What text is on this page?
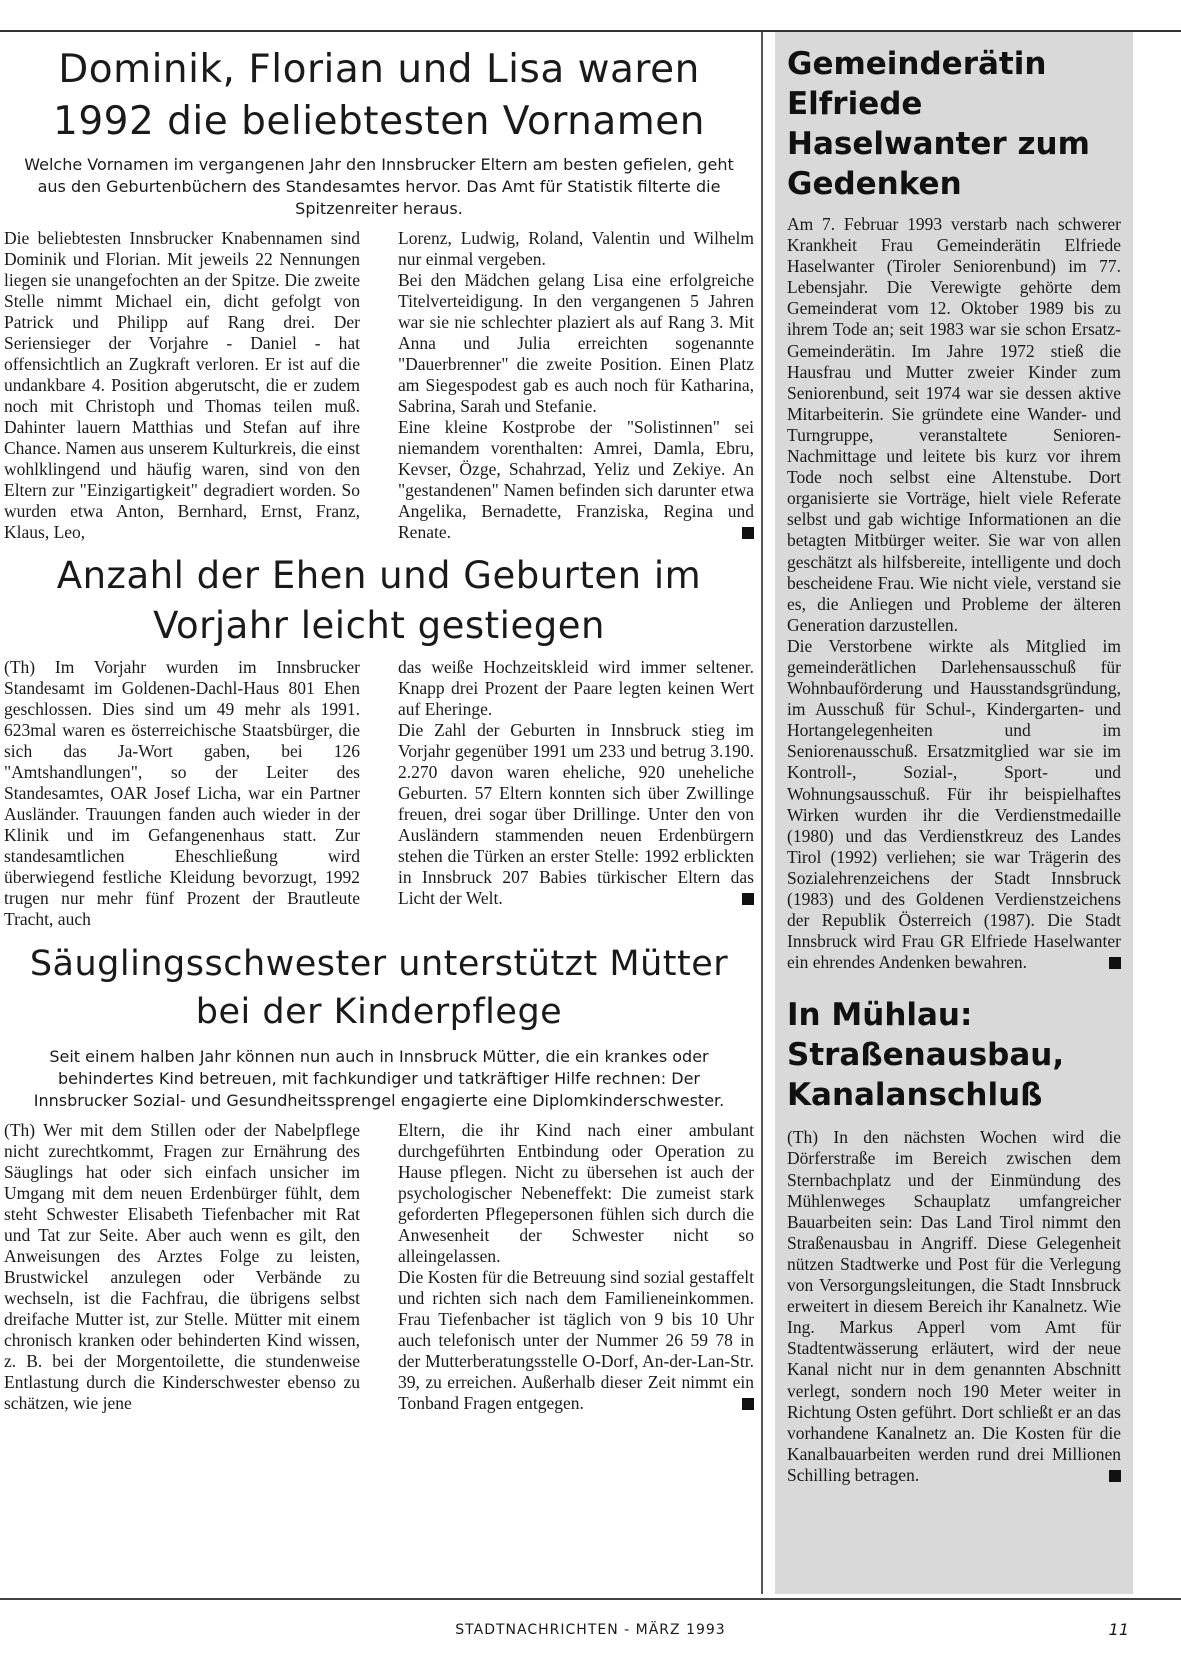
Dominik, Florian und Lisa waren 1992 die beliebtesten Vornamen

Welche Vornamen im vergangenen Jahr den Innsbrucker Eltern am besten gefielen, geht aus den Geburtenbüchern des Standesamtes hervor. Das Amt für Statistik filterte die Spitzenreiter heraus.

Die beliebtesten Innsbrucker Knabennamen sind Dominik und Florian. Mit jeweils 22 Nennungen liegen sie unangefochten an der Spitze. Die zweite Stelle nimmt Michael ein, dicht gefolgt von Patrick und Philipp auf Rang drei. Der Seriensieger der Vorjahre - Daniel - hat offensichtlich an Zugkraft verloren. Er ist auf die undankbare 4. Position abgerutscht, die er zudem noch mit Christoph und Thomas teilen muß. Dahinter lauern Matthias und Stefan auf ihre Chance. Namen aus unserem Kulturkreis, die einst wohlklingend und häufig waren, sind von den Eltern zur "Einzigartigkeit" degradiert worden. So wurden etwa Anton, Bernhard, Ernst, Franz, Klaus, Leo,

Lorenz, Ludwig, Roland, Valentin und Wilhelm nur einmal vergeben.

Bei den Mädchen gelang Lisa eine erfolgreiche Titelverteidigung. In den vergangenen 5 Jahren war sie nie schlechter plaziert als auf Rang 3. Mit Anna und Julia erreichten sogenannte "Dauerbrenner" die zweite Position. Einen Platz am Siegespodest gab es auch noch für Katharina, Sabrina, Sarah und Stefanie.

Eine kleine Kostprobe der "Solistinnen" sei niemandem vorenthalten: Amrei, Damla, Ebru, Kevser, Özge, Schahrzad, Yeliz und Zekiye. An "gestandenen" Namen befinden sich darunter etwa Angelika, Bernadette, Franziska, Regina und Renate.

Anzahl der Ehen und Geburten im Vorjahr leicht gestiegen

(Th) Im Vorjahr wurden im Innsbrucker Standesamt im Goldenen-Dachl-Haus 801 Ehen geschlossen. Dies sind um 49 mehr als 1991. 623mal waren es österreichische Staatsbürger, die sich das Ja-Wort gaben, bei 126 "Amtshandlungen", so der Leiter des Standesamtes, OAR Josef Licha, war ein Partner Ausländer. Trauungen fanden auch wieder in der Klinik und im Gefangenenhaus statt. Zur standesamtlichen Eheschließung wird überwiegend festliche Kleidung bevorzugt, 1992 trugen nur mehr fünf Prozent der Brautleute Tracht, auch

das weiße Hochzeitskleid wird immer seltener. Knapp drei Prozent der Paare legten keinen Wert auf Eheringe.

Die Zahl der Geburten in Innsbruck stieg im Vorjahr gegenüber 1991 um 233 und betrug 3.190. 2.270 davon waren eheliche, 920 uneheliche Geburten. 57 Eltern konnten sich über Zwillinge freuen, drei sogar über Drillinge. Unter den von Ausländern stammenden neuen Erdenbürgern stehen die Türken an erster Stelle: 1992 erblickten in Innsbruck 207 Babies türkischer Eltern das Licht der Welt.

Säuglingsschwester unterstützt Mütter bei der Kinderpflege

Seit einem halben Jahr können nun auch in Innsbruck Mütter, die ein krankes oder behindertes Kind betreuen, mit fachkundiger und tatkräftiger Hilfe rechnen: Der Innsbrucker Sozial- und Gesundheitssprengel engagierte eine Diplomkinderschwester.

(Th) Wer mit dem Stillen oder der Nabelpflege nicht zurechtkommt, Fragen zur Ernährung des Säuglings hat oder sich einfach unsicher im Umgang mit dem neuen Erdenbürger fühlt, dem steht Schwester Elisabeth Tiefenbacher mit Rat und Tat zur Seite. Aber auch wenn es gilt, den Anweisungen des Arztes Folge zu leisten, Brustwickel anzulegen oder Verbände zu wechseln, ist die Fachfrau, die übrigens selbst dreifache Mutter ist, zur Stelle. Mütter mit einem chronisch kranken oder behinderten Kind wissen, z. B. bei der Morgentoilette, die stundenweise Entlastung durch die Kinderschwester ebenso zu schätzen, wie jene

Eltern, die ihr Kind nach einer ambulant durchgeführten Entbindung oder Operation zu Hause pflegen. Nicht zu übersehen ist auch der psychologischer Nebeneffekt: Die zumeist stark geforderten Pflegepersonen fühlen sich durch die Anwesenheit der Schwester nicht so alleingelassen.

Die Kosten für die Betreuung sind sozial gestaffelt und richten sich nach dem Familieneinkommen. Frau Tiefenbacher ist täglich von 9 bis 10 Uhr auch telefonisch unter der Nummer 26 59 78 in der Mutterberatungsstelle O-Dorf, An-der-Lan-Str. 39, zu erreichen. Außerhalb dieser Zeit nimmt ein Tonband Fragen entgegen.

Gemeinderätin Elfriede Haselwanter zum Gedenken

Am 7. Februar 1993 verstarb nach schwerer Krankheit Frau Gemeinderätin Elfriede Haselwanter (Tiroler Seniorenbund) im 77. Lebensjahr. Die Verewigte gehörte dem Gemeinderat vom 12. Oktober 1989 bis zu ihrem Tode an; seit 1983 war sie schon Ersatz-Gemeinderätin. Im Jahre 1972 stieß die Hausfrau und Mutter zweier Kinder zum Seniorenbund, seit 1974 war sie dessen aktive Mitarbeiterin. Sie gründete eine Wander- und Turngruppe, veranstaltete Senioren-Nachmittage und leitete bis kurz vor ihrem Tode noch selbst eine Altenstube. Dort organisierte sie Vorträge, hielt viele Referate selbst und gab wichtige Informationen an die betagten Mitbürger weiter. Sie war von allen geschätzt als hilfsbereite, intelligente und doch bescheidene Frau. Wie nicht viele, verstand sie es, die Anliegen und Probleme der älteren Generation darzustellen.

Die Verstorbene wirkte als Mitglied im gemeinderätlichen Darlehensausschuß für Wohnbauförderung und Hausstandsgründung, im Ausschuß für Schul-, Kindergarten- und Hortangelegenheiten und im Seniorenausschuß. Ersatzmitglied war sie im Kontroll-, Sozial-, Sport- und Wohnungsausschuß. Für ihr beispielhaftes Wirken wurden ihr die Verdienstmedaille (1980) und das Verdienstkreuz des Landes Tirol (1992) verliehen; sie war Trägerin des Sozialehrenzeichens der Stadt Innsbruck (1983) und des Goldenen Verdienstzeichens der Republik Österreich (1987). Die Stadt Innsbruck wird Frau GR Elfriede Haselwanter ein ehrendes Andenken bewahren.

In Mühlau: Straßenausbau, Kanalanschluß

(Th) In den nächsten Wochen wird die Dörferstraße im Bereich zwischen dem Sternbachplatz und der Einmündung des Mühlenweges Schauplatz umfangreicher Bauarbeiten sein: Das Land Tirol nimmt den Straßenausbau in Angriff. Diese Gelegenheit nützen Stadtwerke und Post für die Verlegung von Versorgungsleitungen, die Stadt Innsbruck erweitert in diesem Bereich ihr Kanalnetz. Wie Ing. Markus Apperl vom Amt für Stadtentwässerung erläutert, wird der neue Kanal nicht nur in dem genannten Abschnitt verlegt, sondern noch 190 Meter weiter in Richtung Osten geführt. Dort schließt er an das vorhandene Kanalnetz an. Die Kosten für die Kanalbauarbeiten werden rund drei Millionen Schilling betragen.

STADTNACHRICHTEN - MÄRZ 1993	11
